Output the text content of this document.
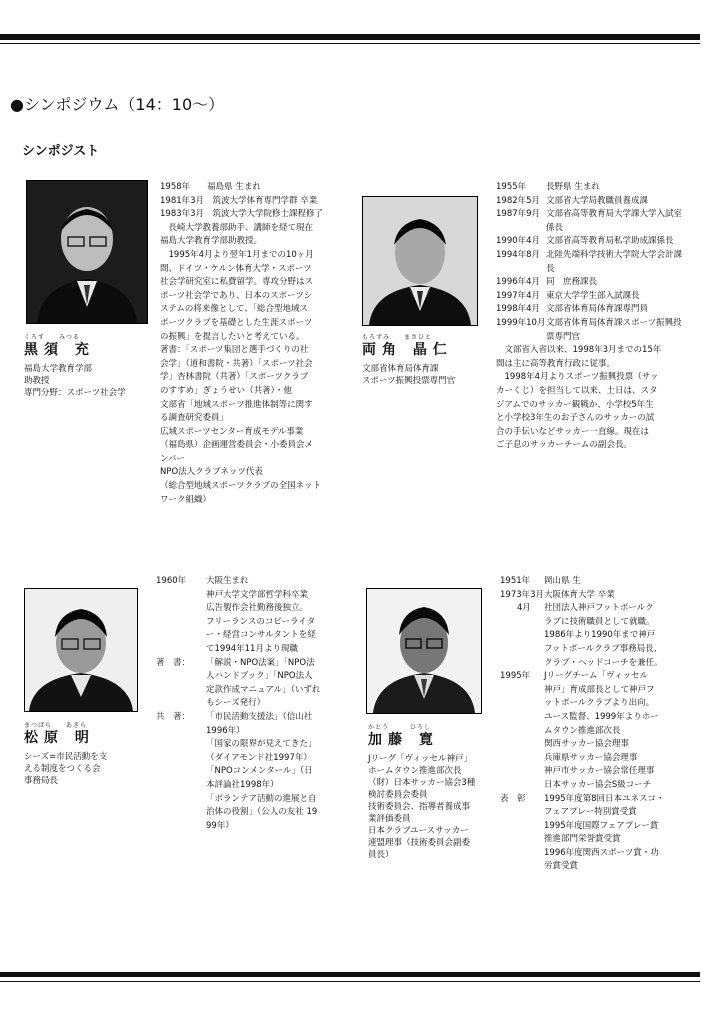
●シンポジウム（14：10〜）
シンポジスト
くろす　　みつる
黒須 充
福島大学教育学部
助教授
専門分野：スポーツ社会学

1958年　　福島県 生まれ

1981年3月　筑波大学体育専門学群 卒業

1983年3月　筑波大学大学院修士課程修了

　長崎大学教養部助手、講師を経て現在

福島大学教育学部助教授。

　1995年4月より翌年1月までの10ヶ月

間、ドイツ・ケルン体育大学・スポーツ

社会学研究室に私費留学。専攻分野はス

ポーツ社会学であり、日本のスポーツシ

ステムの将来像として、「総合型地域ス

ポーツクラブを基礎とした生涯スポーツ

の振興」を提言したいと考えている。

著書：「スポーツ集団と選手づくりの社

会学」（道和書院・共著）「スポーツ社会

学」杏林書院（共著）「スポーツクラブ

のすすめ」ぎょうせい（共著）・他

文部省「地域スポーツ推進体制等に関す

る調査研究委員」

広域スポーツセンター育成モデル事業

（福島県）企画運営委員会・小委員会メ

ンバー

NPO法人クラブネッツ代表

（総合型地域スポーツクラブの全国ネット

ワーク組織）

もろずみ　　まさひと
両角 晶仁
文部省体育局体育課
スポーツ振興投票専門官
1955年	長野県 生まれ
1982年5月 文部省大学局教職員養成課
1987年9月 文部省高等教育局大学課大学入試室係長
1990年4月 文部省高等教育局私学助成課係長
1994年8月 北陸先端科学技術大学院大学会計課長
1996年4月 同　庶務課長
1997年4月 東京大学学生部入試課長
1998年4月 文部省体育局体育課専門員
1999年10月 文部省体育局体育課スポーツ振興投票専門官

　文部省入省以来、1998年3月までの15年

間は主に高等教育行政に従事。

　1998年4月よりスポーツ振興投票（サッ

カーくじ）を担当して以来、土日は、スタ

ジアムでのサッカー観戦か、小学校5年生

と小学校3年生のお子さんのサッカーの試

合の手伝いなどサッカー一直線。現在は

ご子息のサッカーチームの副会長。

まつばら　　あきら
松原 明
シーズ=市民活動を支
える制度をつくる会
事務局長
1960年	大阪生まれ

神戸大学文学部哲学科卒業

広告製作会社勤務後独立。

フリーランスのコピーライタ

ー・経営コンサルタントを経

て1994年11月より現職

著　書：	「解説・NPO法案」「NPO法

人ハンドブック」「NPO法人

定款作成マニュアル」（いずれ

もシーズ発行）

共　著：	「市民活動支援法」（信山社

1996年）

「国家の限界が見えてきた」

（ダイアモンド社1997年）

「NPOコンメンタール」（日

本評論社1998年）

「ボランテア活動の進展と自

治体の役割」（公人の友社 19

99年）

かとう　　　ひろし
加藤 寛
Jリーグ「ヴィッセル神戸」
ホームタウン推進部次長
（財）日本サッカー協会3種
検討委員会委員
技術委員会、指導者養成事
業評価委員
日本クラブユースサッカー
連盟理事（技術委員会副委
員長）
1951年	岡山県 生

1973年3月 大阪体育大学 卒業

　　4月	社団法人神戸フットボールク

ラブに技術職員として就職。

1986年より1990年まで神戸

フットボールクラブ事務局長、

クラブ・ヘッドコーチを兼任。

1995年	Jリーグチーム「ヴィッセル

神戸」育成部長として神戸フ

ットボールクラブより出向。

ユース監督、1999年よりホー

ムタウン推進部次長

関西サッカー協会理事

兵庫県サッカー協会理事

神戸市サッカー協会常任理事

日本サッカー協会S級コーチ

表　彰	1995年度第8回日本ユネスコ・

フェアプレー特別賞受賞

1995年度国際フェアプレー賞

推進部門栄誉賞受賞

1996年度関西スポーツ賞・功

労賞受賞
